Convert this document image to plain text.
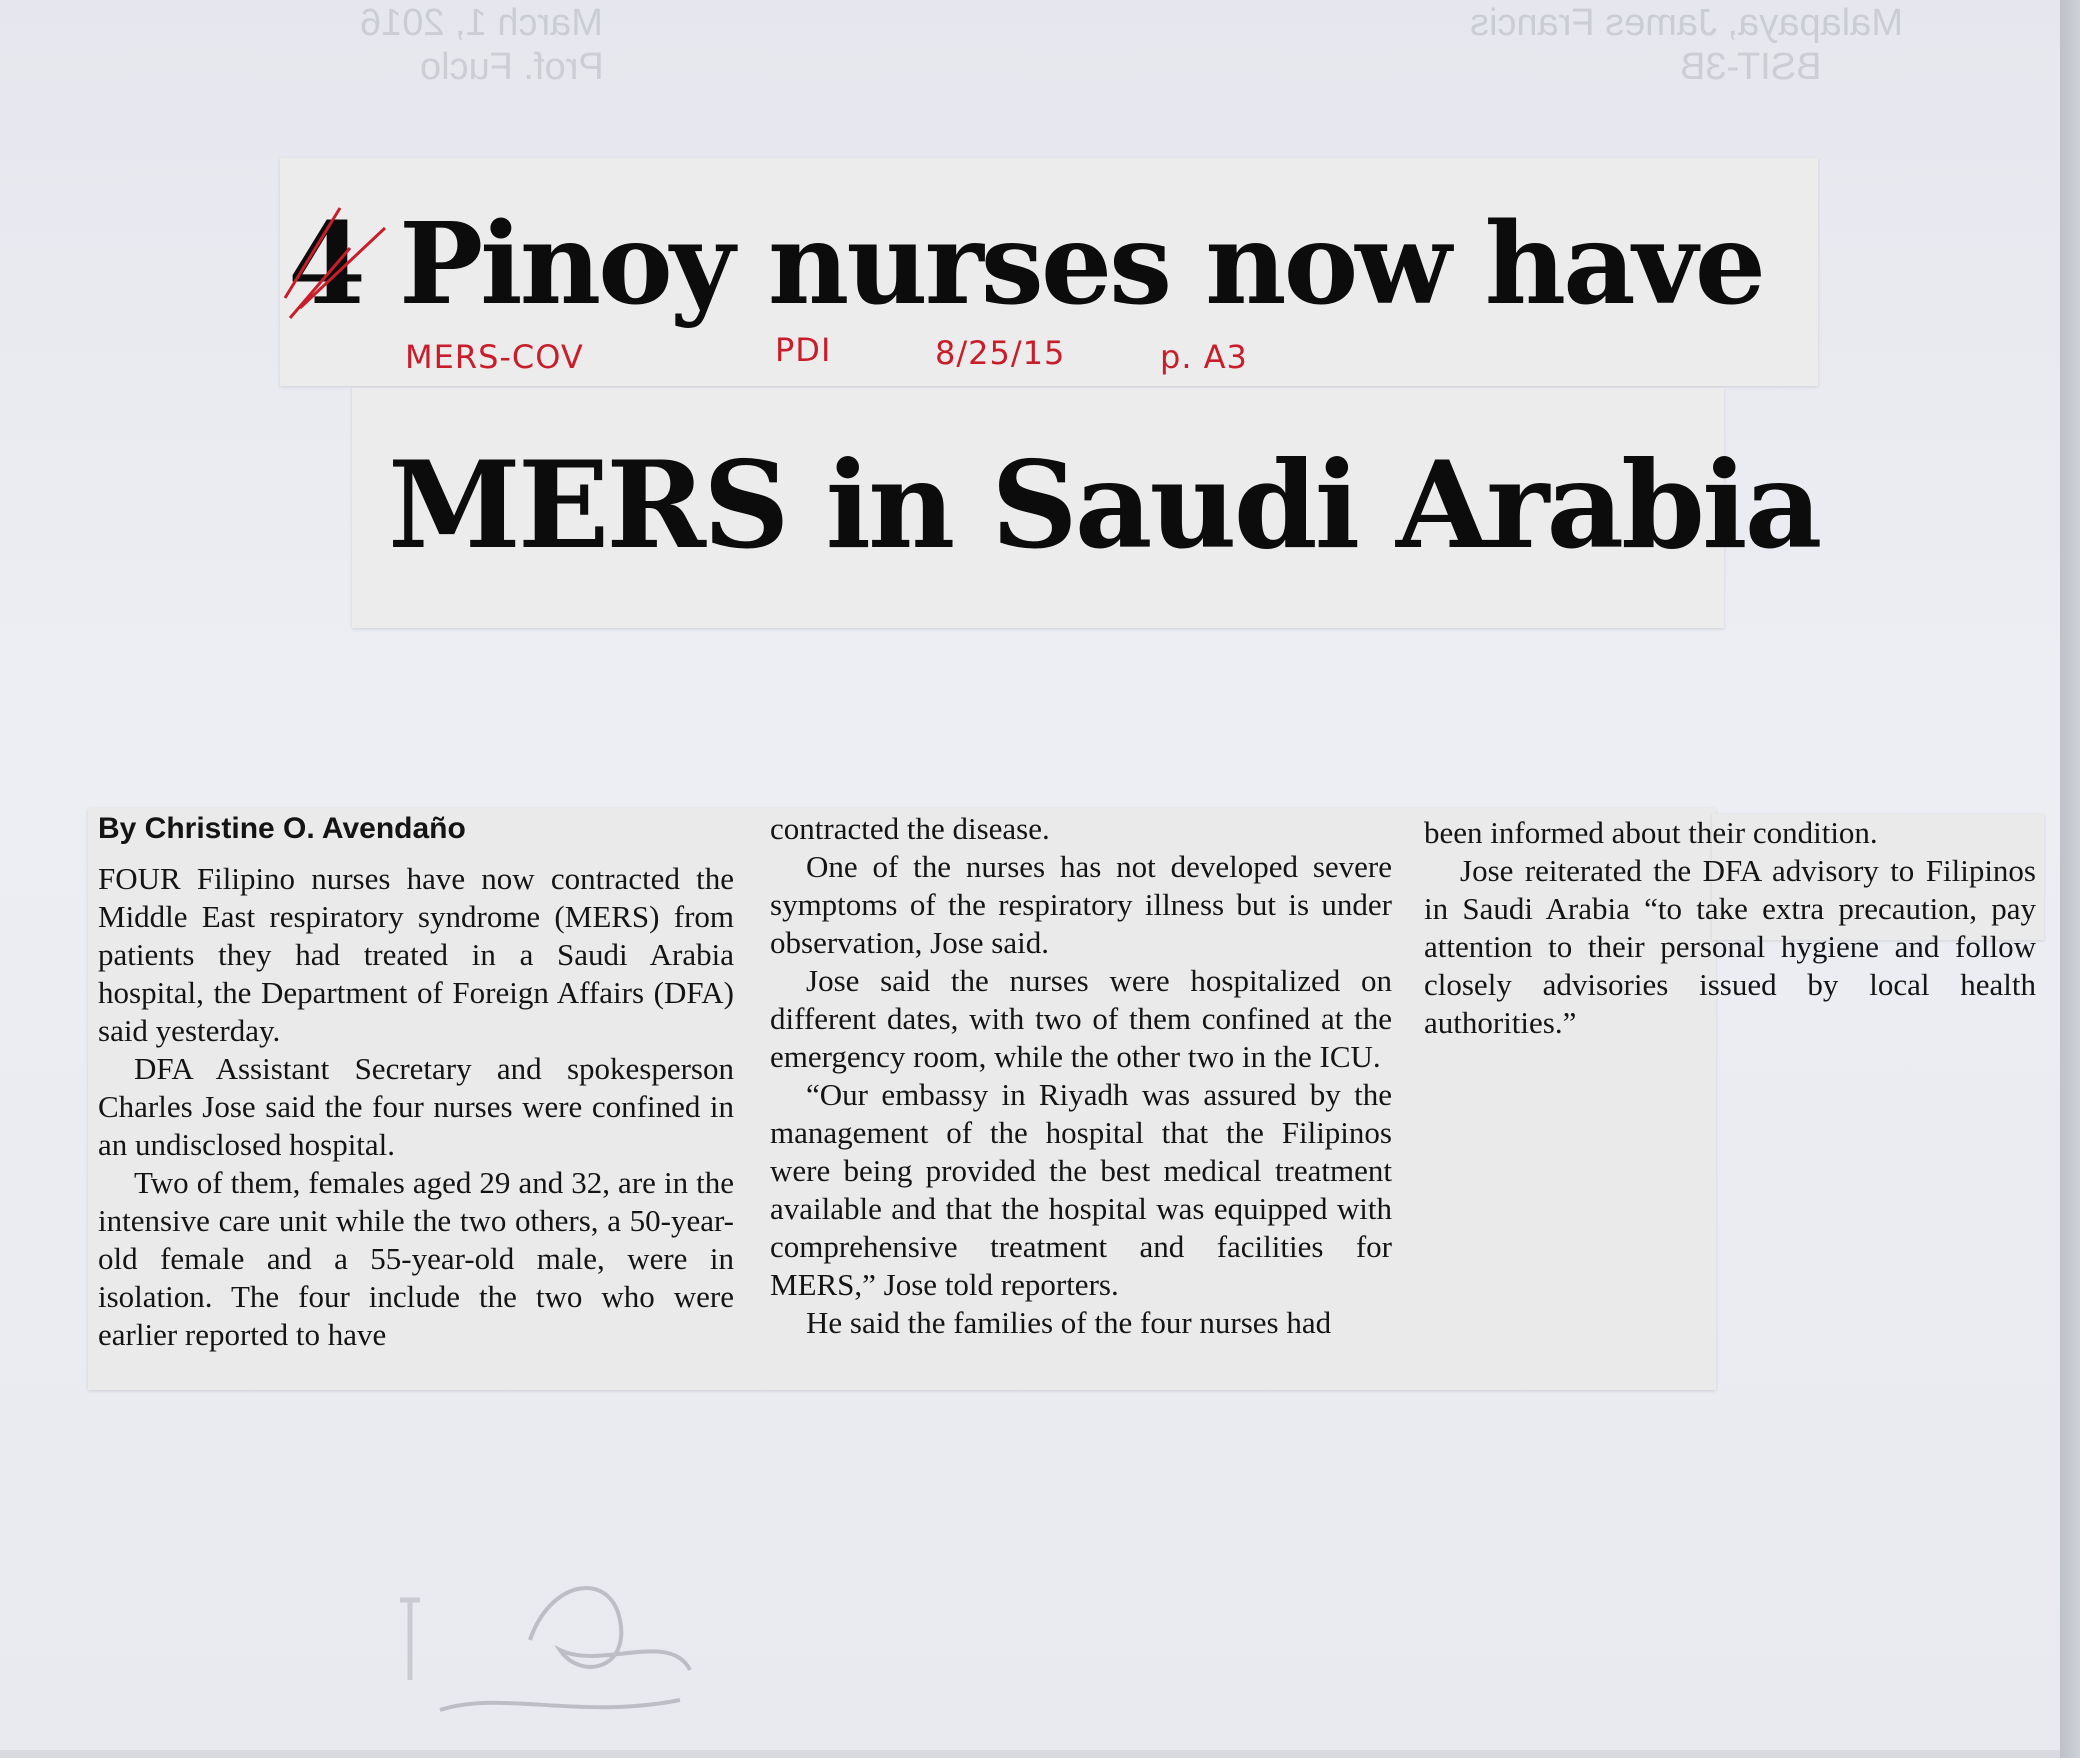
Malapaya, James Francis
BSIT-3B
March 1, 2016
Prof. Fuclo
4 Pinoy nurses now have
MERS-COV	PDI	8/25/15	p. A3
MERS in Saudi Arabia
By Christine O. Avendaño

FOUR Filipino nurses have now contracted the Middle East respiratory syndrome (MERS) from patients they had treated in a Saudi Arabia hospital, the Department of Foreign Affairs (DFA) said yesterday.

DFA Assistant Secretary and spokesperson Charles Jose said the four nurses were confined in an undisclosed hospital.

Two of them, females aged 29 and 32, are in the intensive care unit while the two others, a 50-year-old female and a 55-year-old male, were in isolation. The four include the two who were earlier reported to have

contracted the disease.

One of the nurses has not developed severe symptoms of the respiratory illness but is under observation, Jose said.

Jose said the nurses were hospitalized on different dates, with two of them confined at the emergency room, while the other two in the ICU.

“Our embassy in Riyadh was assured by the management of the hospital that the Filipinos were being provided the best medical treatment available and that the hospital was equipped with comprehensive treatment and facilities for MERS,” Jose told reporters.

He said the families of the four nurses had

been informed about their condition.

Jose reiterated the DFA advisory to Filipinos in Saudi Arabia “to take extra precaution, pay attention to their personal hygiene and follow closely advisories issued by local health authorities.”
